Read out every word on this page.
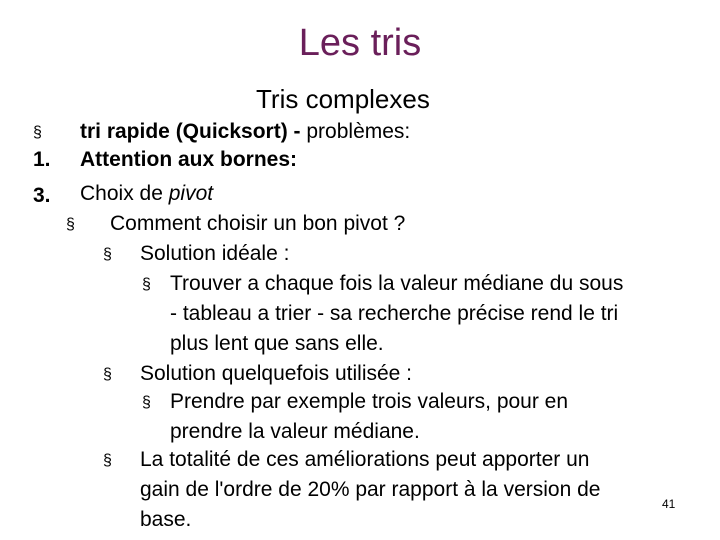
Les tris
Tris complexes
§ tri rapide (Quicksort) - problèmes:
1. Attention aux bornes:
3. Choix de pivot
§ Comment choisir un bon pivot ?
§ Solution idéale :
§ Trouver a chaque fois la valeur médiane du sous
- tableau a trier - sa recherche précise rend le tri
plus lent que sans elle.
§ Solution quelquefois utilisée :
§ Prendre par exemple trois valeurs, pour en
prendre la valeur médiane.
§ La totalité de ces améliorations peut apporter un
gain de l'ordre de 20% par rapport à la version de
base.
41
